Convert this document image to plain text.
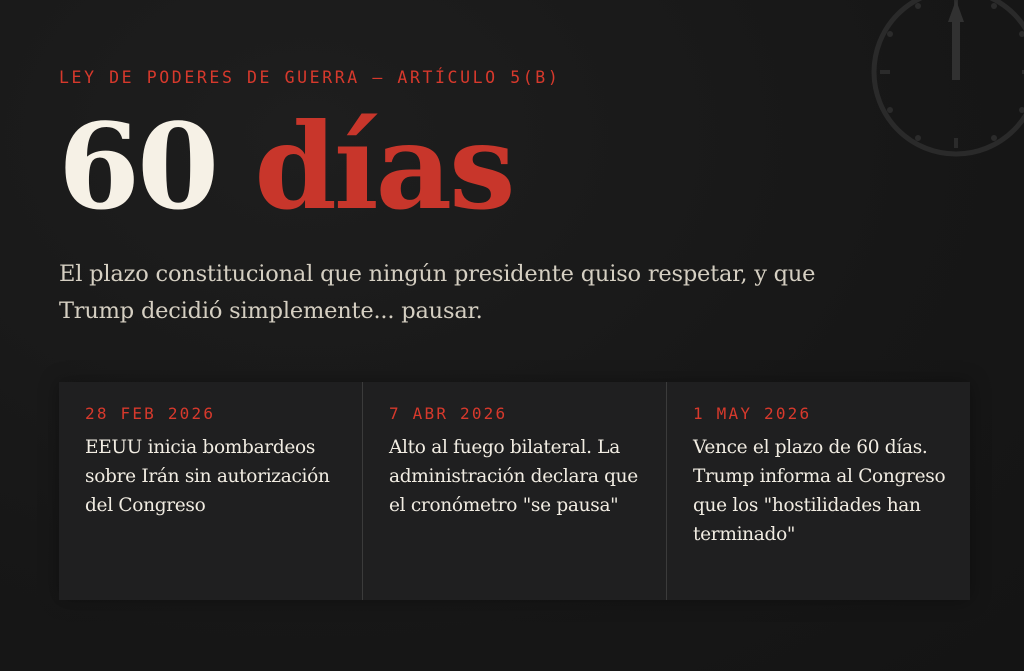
LEY DE PODERES DE GUERRA — ARTÍCULO 5(B)
60 días
El plazo constitucional que ningún presidente quiso respetar, y que Trump decidió simplemente... pausar.
28 FEB 2026
EEUU inicia bombardeos sobre Irán sin autorización del Congreso
7 ABR 2026
Alto al fuego bilateral. La administración declara que el cronómetro "se pausa"
1 MAY 2026
Vence el plazo de 60 días. Trump informa al Congreso que los "hostilidades han terminado"
